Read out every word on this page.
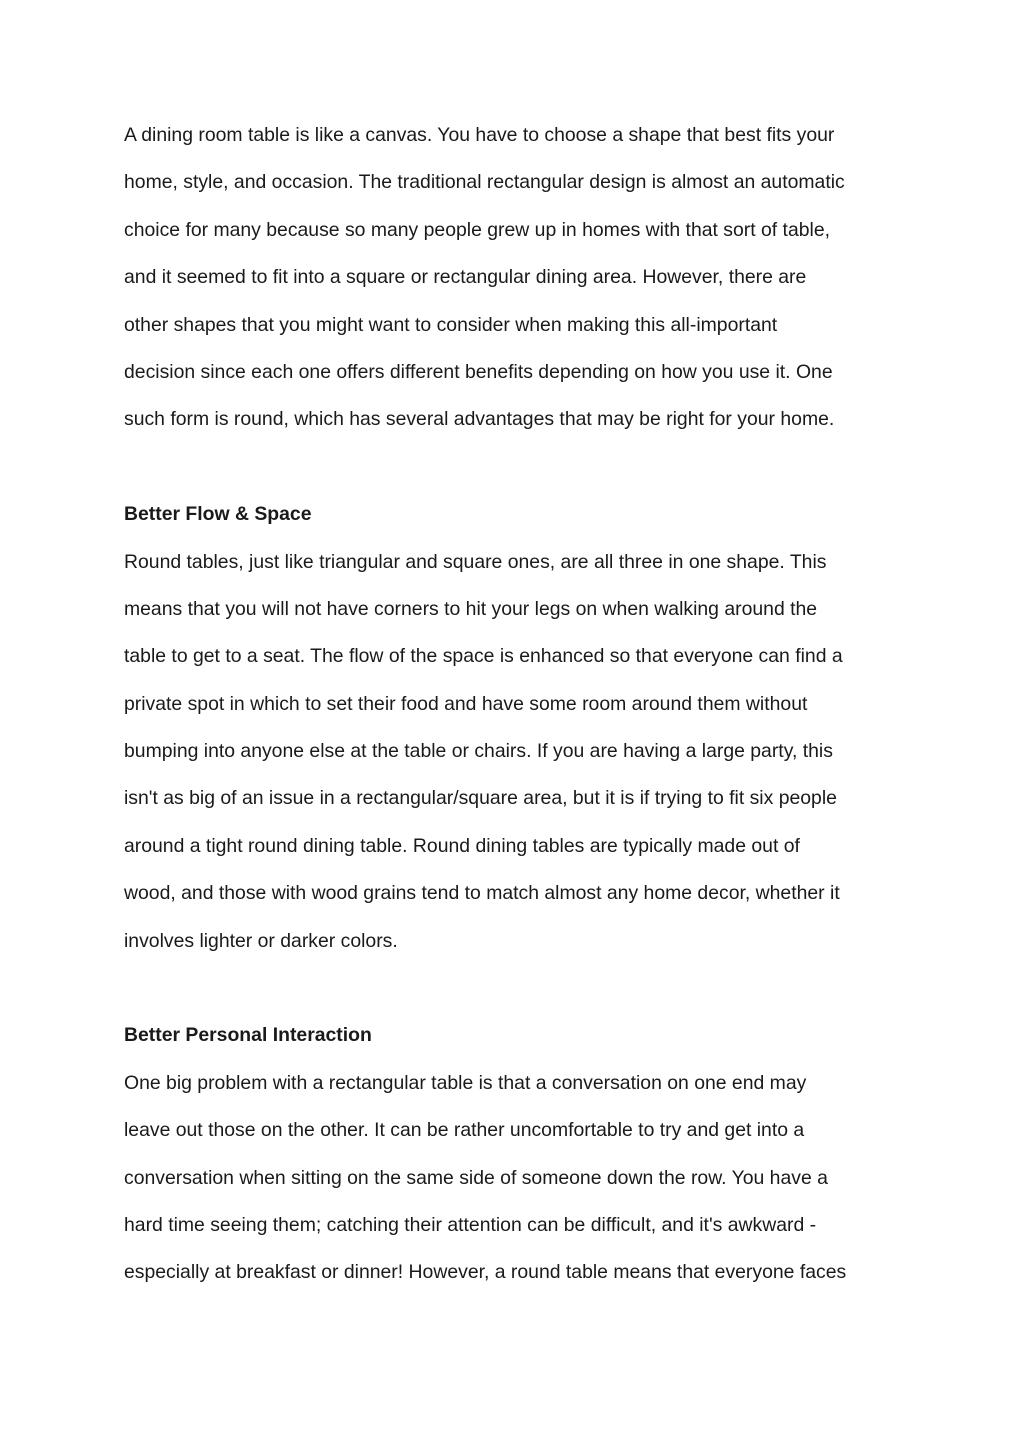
A dining room table is like a canvas. You have to choose a shape that best fits your
home, style, and occasion. The traditional rectangular design is almost an automatic
choice for many because so many people grew up in homes with that sort of table,
and it seemed to fit into a square or rectangular dining area. However, there are
other shapes that you might want to consider when making this all-important
decision since each one offers different benefits depending on how you use it. One
such form is round, which has several advantages that may be right for your home.
Better Flow & Space
Round tables, just like triangular and square ones, are all three in one shape. This
means that you will not have corners to hit your legs on when walking around the
table to get to a seat. The flow of the space is enhanced so that everyone can find a
private spot in which to set their food and have some room around them without
bumping into anyone else at the table or chairs. If you are having a large party, this
isn't as big of an issue in a rectangular/square area, but it is if trying to fit six people
around a tight round dining table. Round dining tables are typically made out of
wood, and those with wood grains tend to match almost any home decor, whether it
involves lighter or darker colors.
Better Personal Interaction
One big problem with a rectangular table is that a conversation on one end may
leave out those on the other. It can be rather uncomfortable to try and get into a
conversation when sitting on the same side of someone down the row. You have a
hard time seeing them; catching their attention can be difficult, and it's awkward -
especially at breakfast or dinner! However, a round table means that everyone faces
